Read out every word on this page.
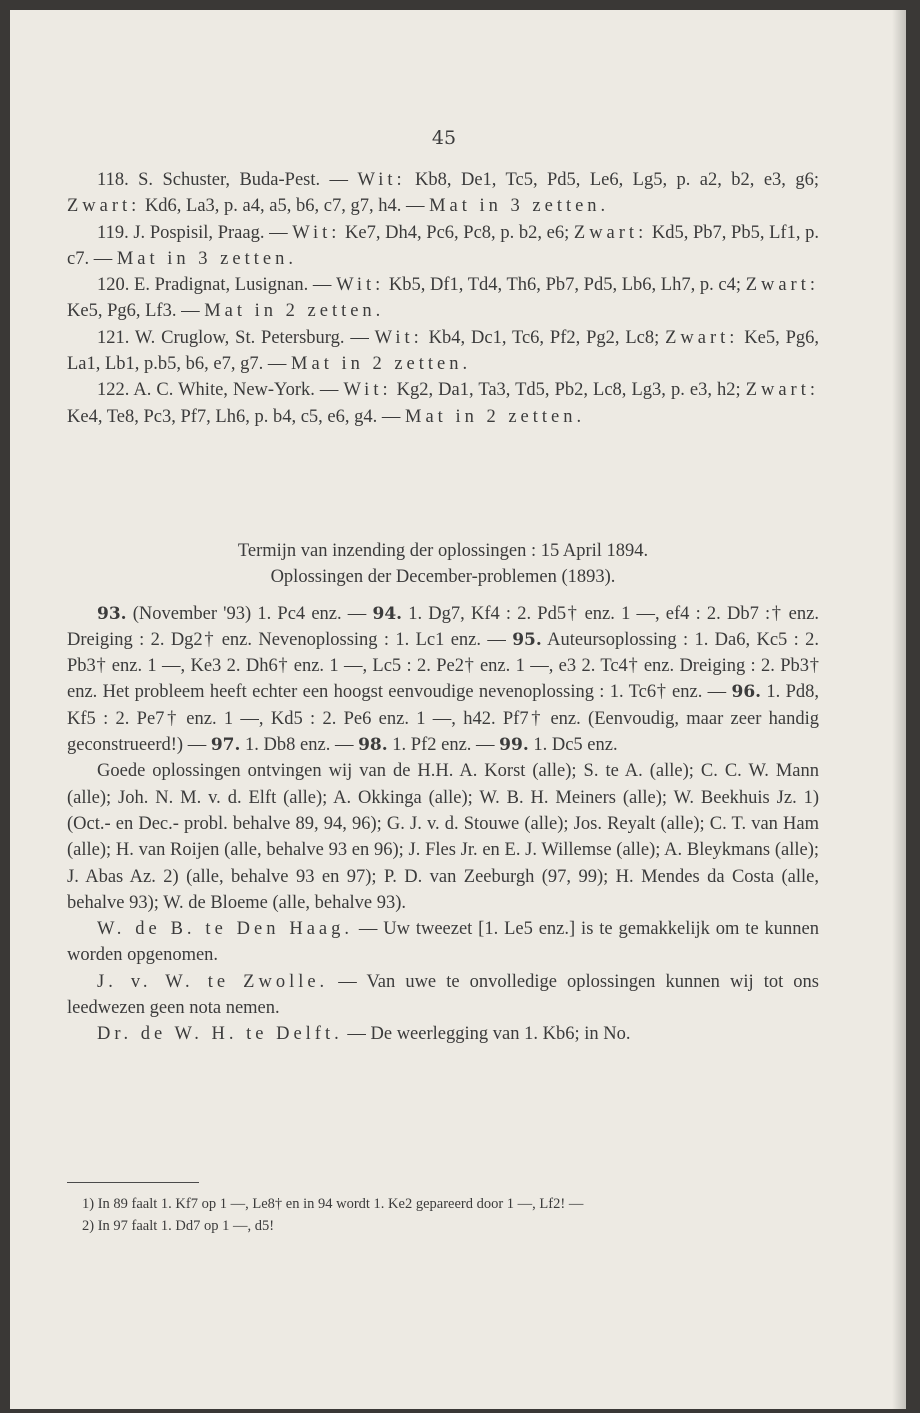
45

118. S. Schuster, Buda-Pest. — Wit: Kb8, De1, Tc5, Pd5, Le6, Lg5, p. a2, b2, e3, g6; Zwart: Kd6, La3, p. a4, a5, b6, c7, g7, h4. — Mat in 3 zetten.

119. J. Pospisil, Praag. — Wit: Ke7, Dh4, Pc6, Pc8, p. b2, e6; Zwart: Kd5, Pb7, Pb5, Lf1, p. c7. — Mat in 3 zetten.

120. E. Pradignat, Lusignan. — Wit: Kb5, Df1, Td4, Th6, Pb7, Pd5, Lb6, Lh7, p. c4; Zwart: Ke5, Pg6, Lf3. — Mat in 2 zetten.

121. W. Cruglow, St. Petersburg. — Wit: Kb4, Dc1, Tc6, Pf2, Pg2, Lc8; Zwart: Ke5, Pg6, La1, Lb1, p.b5, b6, e7, g7. — Mat in 2 zetten.

122. A. C. White, New-York. — Wit: Kg2, Da1, Ta3, Td5, Pb2, Lc8, Lg3, p. e3, h2; Zwart: Ke4, Te8, Pc3, Pf7, Lh6, p. b4, c5, e6, g4. — Mat in 2 zetten.

Termijn van inzending der oplossingen : 15 April 1894.

Oplossingen der December-problemen (1893).

93. (November '93) 1. Pc4 enz. — 94. 1. Dg7, Kf4 : 2. Pd5† enz. 1 —, ef4 : 2. Db7 :† enz. Dreiging : 2. Dg2† enz. Nevenoplossing : 1. Lc1 enz. — 95. Auteursoplossing : 1. Da6, Kc5 : 2. Pb3† enz. 1 —, Ke3 2. Dh6† enz. 1 —, Lc5 : 2. Pe2† enz. 1 —, e3 2. Tc4† enz. Dreiging : 2. Pb3† enz. Het probleem heeft echter een hoogst eenvoudige nevenoplossing : 1. Tc6† enz. — 96. 1. Pd8, Kf5 : 2. Pe7† enz. 1 —, Kd5 : 2. Pe6 enz. 1 —, h42. Pf7† enz. (Eenvoudig, maar zeer handig geconstrueerd!) — 97. 1. Db8 enz. — 98. 1. Pf2 enz. — 99. 1. Dc5 enz.

Goede oplossingen ontvingen wij van de H.H. A. Korst (alle); S. te A. (alle); C. C. W. Mann (alle); Joh. N. M. v. d. Elft (alle); A. Okkinga (alle); W. B. H. Meiners (alle); W. Beekhuis Jz. 1) (Oct.- en Dec.- probl. behalve 89, 94, 96); G. J. v. d. Stouwe (alle); Jos. Reyalt (alle); C. T. van Ham (alle); H. van Roijen (alle, behalve 93 en 96); J. Fles Jr. en E. J. Willemse (alle); A. Bleykmans (alle); J. Abas Az. 2) (alle, behalve 93 en 97); P. D. van Zeeburgh (97, 99); H. Mendes da Costa (alle, behalve 93); W. de Bloeme (alle, behalve 93).

W. de B. te Den Haag. — Uw tweezet [1. Le5 enz.] is te gemakkelijk om te kunnen worden opgenomen.

J. v. W. te Zwolle. — Van uwe te onvolledige oplossingen kunnen wij tot ons leedwezen geen nota nemen.

Dr. de W. H. te Delft. — De weerlegging van 1. Kb6; in No.

1) In 89 faalt 1. Kf7 op 1 —, Le8† en in 94 wordt 1. Ke2 gepareerd door 1 —, Lf2! —
2) In 97 faalt 1. Dd7 op 1 —, d5!
